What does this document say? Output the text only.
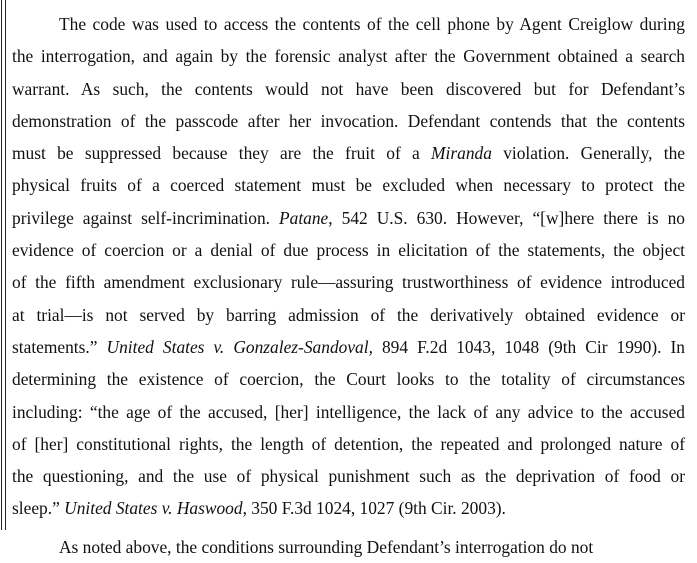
The code was used to access the contents of the cell phone by Agent Creiglow during
the interrogation, and again by the forensic analyst after the Government obtained a search
warrant. As such, the contents would not have been discovered but for Defendant’s
demonstration of the passcode after her invocation. Defendant contends that the contents
must be suppressed because they are the fruit of a Miranda violation. Generally, the
physical fruits of a coerced statement must be excluded when necessary to protect the
privilege against self-incrimination. Patane, 542 U.S. 630. However, “[w]here there is no
evidence of coercion or a denial of due process in elicitation of the statements, the object
of the fifth amendment exclusionary rule—assuring trustworthiness of evidence introduced
at trial—is not served by barring admission of the derivatively obtained evidence or
statements.” United States v. Gonzalez-Sandoval, 894 F.2d 1043, 1048 (9th Cir 1990). In
determining the existence of coercion, the Court looks to the totality of circumstances
including: “the age of the accused, [her] intelligence, the lack of any advice to the accused
of [her] constitutional rights, the length of detention, the repeated and prolonged nature of
the questioning, and the use of physical punishment such as the deprivation of food or
sleep.” United States v. Haswood, 350 F.3d 1024, 1027 (9th Cir. 2003).
As noted above, the conditions surrounding Defendant’s interrogation do not
